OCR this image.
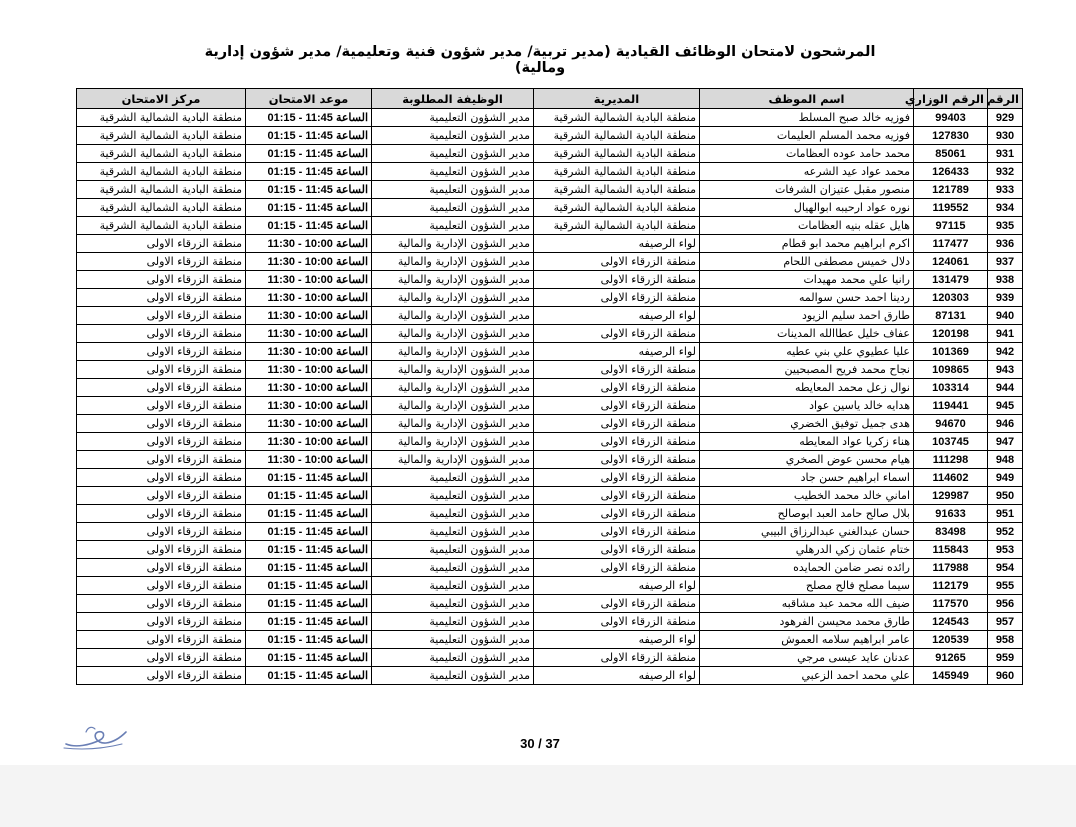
المرشحون لامتحان الوظائف القيادية (مدير تربية/ مدير شؤون فنية وتعليمية/ مدير شؤون إدارية
ومالية)
الرقم	الرقم الوزاري	اسم الموظف	المديرية	الوظيفة المطلوبة	موعد الامتحان	مركز الامتحان
929	99403	فوزيه خالد صبح المسلط	منطقة البادية الشمالية الشرقية	مدير الشؤون التعليمية	الساعة 11:45 - 01:15	منطقة البادية الشمالية الشرقية
930	127830	فوزيه محمد المسلم العليمات	منطقة البادية الشمالية الشرقية	مدير الشؤون التعليمية	الساعة 11:45 - 01:15	منطقة البادية الشمالية الشرقية
931	85061	محمد حامد عوده العظامات	منطقة البادية الشمالية الشرقية	مدير الشؤون التعليمية	الساعة 11:45 - 01:15	منطقة البادية الشمالية الشرقية
932	126433	محمد عواد عيد الشرعه	منطقة البادية الشمالية الشرقية	مدير الشؤون التعليمية	الساعة 11:45 - 01:15	منطقة البادية الشمالية الشرقية
933	121789	منصور مقبل عتيزان الشرفات	منطقة البادية الشمالية الشرقية	مدير الشؤون التعليمية	الساعة 11:45 - 01:15	منطقة البادية الشمالية الشرقية
934	119552	نوره عواد ارحيبه ابوالهيال	منطقة البادية الشمالية الشرقية	مدير الشؤون التعليمية	الساعة 11:45 - 01:15	منطقة البادية الشمالية الشرقية
935	97115	هايل عقله بنيه العظامات	منطقة البادية الشمالية الشرقية	مدير الشؤون التعليمية	الساعة 11:45 - 01:15	منطقة البادية الشمالية الشرقية
936	117477	اكرم ابراهيم محمد ابو قطام	لواء الرصيفه	مدير الشؤون الإدارية والمالية	الساعة 10:00 - 11:30	منطقة الزرقاء الاولى
937	124061	دلال خميس مصطفى اللحام	منطقة الزرقاء الاولى	مدير الشؤون الإدارية والمالية	الساعة 10:00 - 11:30	منطقة الزرقاء الاولى
938	131479	رانيا علي محمد مهيدات	منطقة الزرقاء الاولى	مدير الشؤون الإدارية والمالية	الساعة 10:00 - 11:30	منطقة الزرقاء الاولى
939	120303	ردينا احمد حسن سوالمه	منطقة الزرقاء الاولى	مدير الشؤون الإدارية والمالية	الساعة 10:00 - 11:30	منطقة الزرقاء الاولى
940	87131	طارق احمد سليم الزيود	لواء الرصيفه	مدير الشؤون الإدارية والمالية	الساعة 10:00 - 11:30	منطقة الزرقاء الاولى
941	120198	عفاف خليل عطاالله المدينات	منطقة الزرقاء الاولى	مدير الشؤون الإدارية والمالية	الساعة 10:00 - 11:30	منطقة الزرقاء الاولى
942	101369	عليا عطيوي علي بني عطيه	لواء الرصيفه	مدير الشؤون الإدارية والمالية	الساعة 10:00 - 11:30	منطقة الزرقاء الاولى
943	109865	نجاح محمد فريح المصبحيين	منطقة الزرقاء الاولى	مدير الشؤون الإدارية والمالية	الساعة 10:00 - 11:30	منطقة الزرقاء الاولى
944	103314	نوال زعل محمد المعايطه	منطقة الزرقاء الاولى	مدير الشؤون الإدارية والمالية	الساعة 10:00 - 11:30	منطقة الزرقاء الاولى
945	119441	هدايه خالد ياسين عواد	منطقة الزرقاء الاولى	مدير الشؤون الإدارية والمالية	الساعة 10:00 - 11:30	منطقة الزرقاء الاولى
946	94670	هدى جميل توفيق الخضري	منطقة الزرقاء الاولى	مدير الشؤون الإدارية والمالية	الساعة 10:00 - 11:30	منطقة الزرقاء الاولى
947	103745	هناء زكريا عواد المعايطه	منطقة الزرقاء الاولى	مدير الشؤون الإدارية والمالية	الساعة 10:00 - 11:30	منطقة الزرقاء الاولى
948	111298	هيام محسن عوض الصخري	منطقة الزرقاء الاولى	مدير الشؤون الإدارية والمالية	الساعة 10:00 - 11:30	منطقة الزرقاء الاولى
949	114602	اسماء ابراهيم حسن جاد	منطقة الزرقاء الاولى	مدير الشؤون التعليمية	الساعة 11:45 - 01:15	منطقة الزرقاء الاولى
950	129987	اماني خالد محمد الخطيب	منطقة الزرقاء الاولى	مدير الشؤون التعليمية	الساعة 11:45 - 01:15	منطقة الزرقاء الاولى
951	91633	بلال صالح حامد العبد ابوصالح	منطقة الزرقاء الاولى	مدير الشؤون التعليمية	الساعة 11:45 - 01:15	منطقة الزرقاء الاولى
952	83498	حسان عبدالغني عبدالرزاق البيبي	منطقة الزرقاء الاولى	مدير الشؤون التعليمية	الساعة 11:45 - 01:15	منطقة الزرقاء الاولى
953	115843	ختام عثمان زكي الدرهلي	منطقة الزرقاء الاولى	مدير الشؤون التعليمية	الساعة 11:45 - 01:15	منطقة الزرقاء الاولى
954	117988	رائده نصر ضامن الحمايده	منطقة الزرقاء الاولى	مدير الشؤون التعليمية	الساعة 11:45 - 01:15	منطقة الزرقاء الاولى
955	112179	سيما مصلح فالح مصلح	لواء الرصيفه	مدير الشؤون التعليمية	الساعة 11:45 - 01:15	منطقة الزرقاء الاولى
956	117570	ضيف الله محمد عبد مشاقبه	منطقة الزرقاء الاولى	مدير الشؤون التعليمية	الساعة 11:45 - 01:15	منطقة الزرقاء الاولى
957	124543	طارق محمد محيسن الفرهود	منطقة الزرقاء الاولى	مدير الشؤون التعليمية	الساعة 11:45 - 01:15	منطقة الزرقاء الاولى
958	120539	عامر ابراهيم سلامه العموش	لواء الرصيفه	مدير الشؤون التعليمية	الساعة 11:45 - 01:15	منطقة الزرقاء الاولى
959	91265	عدنان عايد عيسى مرجي	منطقة الزرقاء الاولى	مدير الشؤون التعليمية	الساعة 11:45 - 01:15	منطقة الزرقاء الاولى
960	145949	علي محمد احمد الزعبي	لواء الرصيفه	مدير الشؤون التعليمية	الساعة 11:45 - 01:15	منطقة الزرقاء الاولى
30 / 37
